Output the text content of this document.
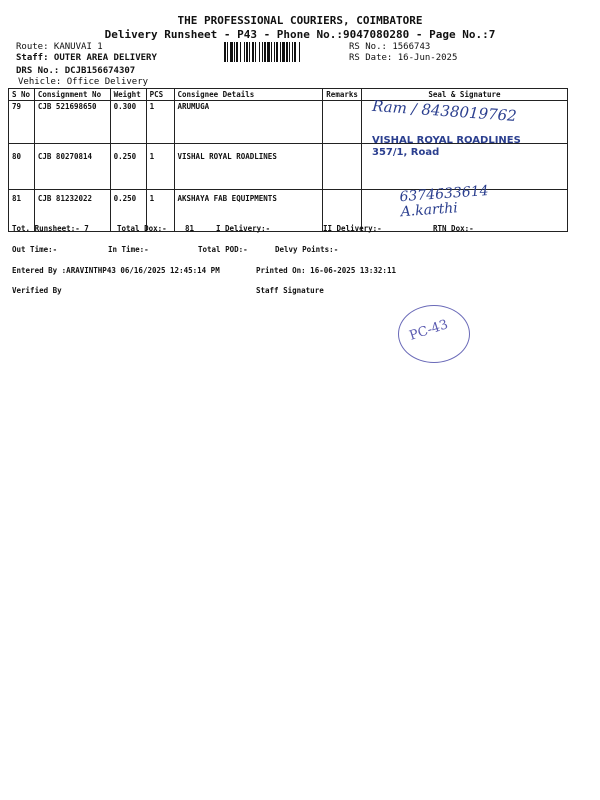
THE PROFESSIONAL COURIERS, COIMBATORE
Delivery Runsheet - P43 - Phone No.:9047080280 - Page No.:7
Route: KANUVAI 1
Staff: OUTER AREA DELIVERY
DRS No.: DCJB156674307
Vehicle: Office Delivery
RS No.: 1566743
RS Date: 16-Jun-2025
S No	Consignment No	Weight	PCS	Consignee Details	Remarks	Seal & Signature
79	CJB 521698650	0.300	1	ARUMUGA		
80	CJB 80270814	0.250	1	VISHAL ROYAL ROADLINES		
81	CJB 81232022	0.250	1	AKSHAYA FAB EQUIPMENTS		
Ram / 8438019762
VISHAL ROYAL ROADLINES 357/1, Road
6374633614 A.karthi
Tot. Runsheet:- 7	Total Dox:- 81	I Delivery:-	II Delivery:-	RTN Dox:-
Out Time:-	In Time:-	Total POD:-	Delvy Points:-
Entered By :ARAVINTHP43 06/16/2025 12:45:14 PM	Printed On: 16-06-2025 13:32:11
Verified By	Staff Signature
PC-43
